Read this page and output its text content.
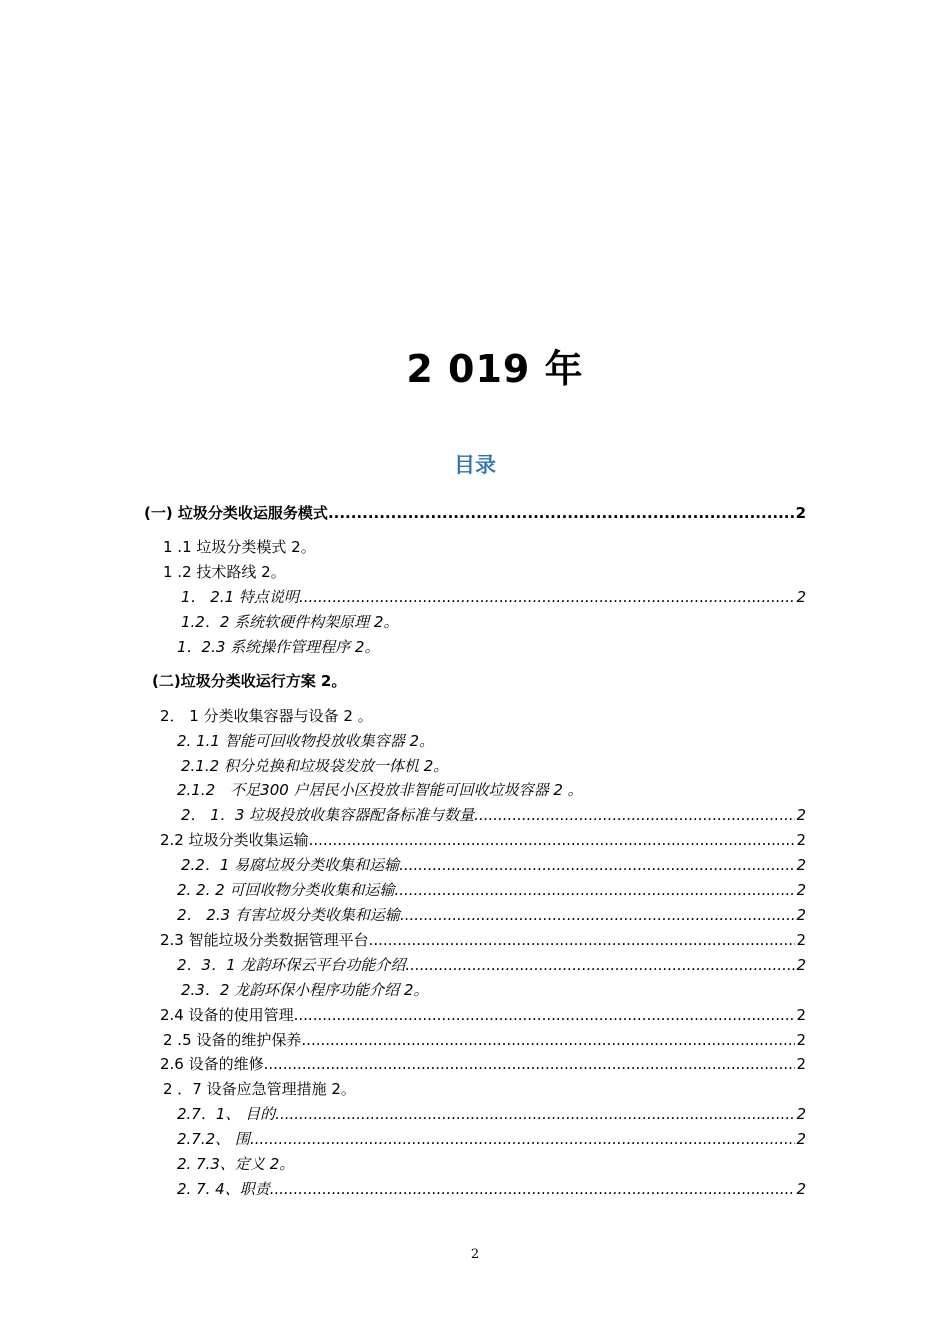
2 019 年
目录
(一) 垃圾分类收运服务模式 .....	2
1 .1 垃圾分类模式 2。
1 .2 技术路线 2。
1． 2.1 特点说明 .....	2
1.2．2 系统软硬件构架原理 2。
1．2.3 系统操作管理程序 2。
(二)垃圾分类收运行方案 2。
2． 1 分类收集容器与设备 2 。
2. 1.1 智能可回收物投放收集容器 2。
2.1.2 积分兑换和垃圾袋发放一体机 2。
2.1.2　不足300 户居民小区投放非智能可回收垃圾容器 2 。
2． 1．3 垃圾投放收集容器配备标准与数量 .....	2
2.2 垃圾分类收集运输 .....	2
2.2．1 易腐垃圾分类收集和运输 .....	2
2. 2. 2 可回收物分类收集和运输 .....	2
2． 2.3 有害垃圾分类收集和运输 .....	2
2.3 智能垃圾分类数据管理平台 .....	2
2．3．1 龙韵环保云平台功能介绍 .....	2
2.3．2 龙韵环保小程序功能介绍 2。
2.4 设备的使用管理 .....	2
2 .5 设备的维护保养 .....	2
2.6 设备的维修 .....	2
2 ．7 设备应急管理措施 2。
2.7．1、 目的 .....	2
2.7.2、 围 .....	2
2. 7.3、定义 2。
2. 7. 4、职责 .....	2
2
